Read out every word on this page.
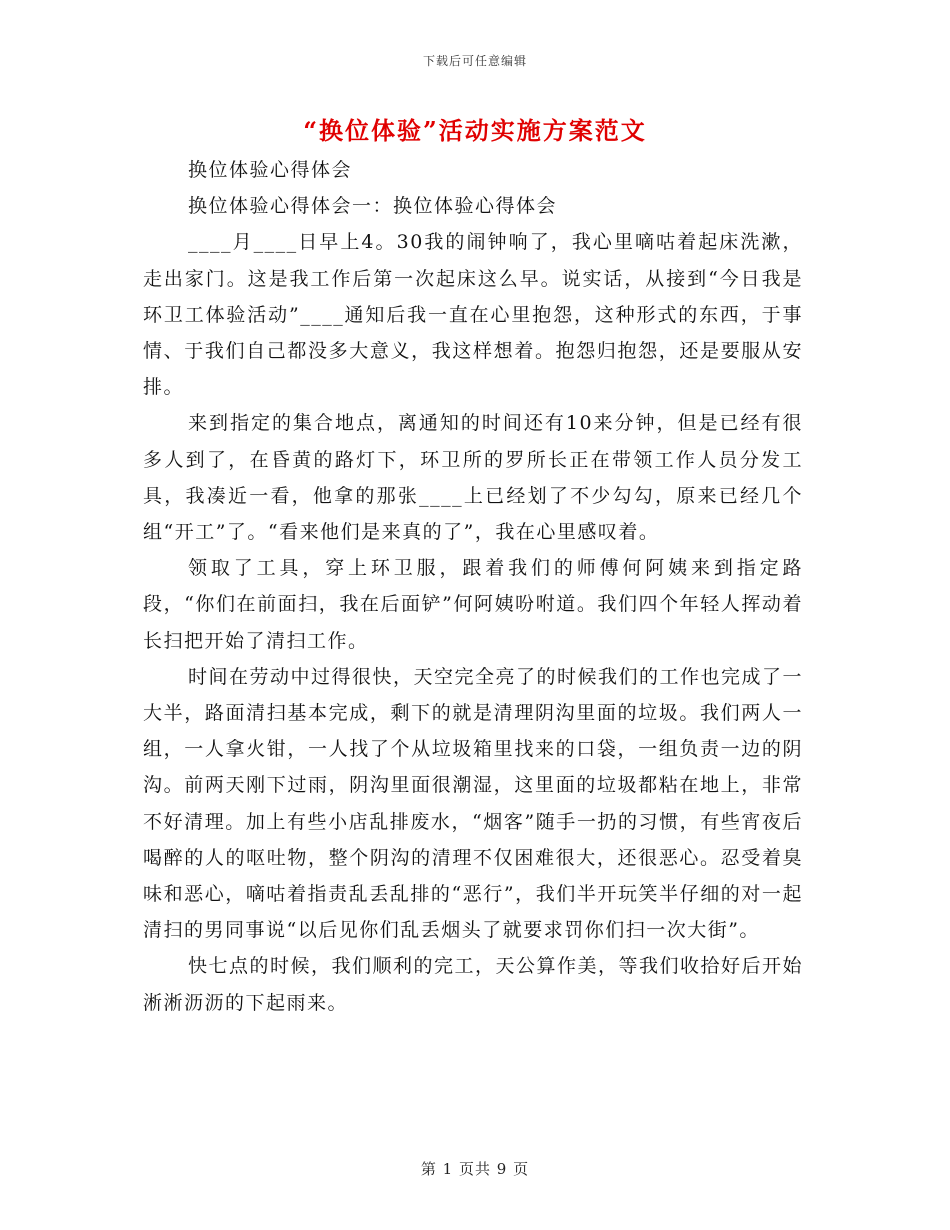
下载后可任意编辑
“换位体验”活动实施方案范文

换位体验心得体会

换位体验心得体会一：换位体验心得体会

____月____日早上4。30我的闹钟响了，我心里嘀咕着起床洗漱，走出家门。这是我工作后第一次起床这么早。说实话，从接到“今日我是环卫工体验活动”____通知后我一直在心里抱怨，这种形式的东西，于事情、于我们自己都没多大意义，我这样想着。抱怨归抱怨，还是要服从安排。

来到指定的集合地点，离通知的时间还有10来分钟，但是已经有很多人到了，在昏黄的路灯下，环卫所的罗所长正在带领工作人员分发工具，我凑近一看，他拿的那张____上已经划了不少勾勾，原来已经几个组“开工”了。“看来他们是来真的了”，我在心里感叹着。

领取了工具，穿上环卫服，跟着我们的师傅何阿姨来到指定路段，“你们在前面扫，我在后面铲”何阿姨吩咐道。我们四个年轻人挥动着长扫把开始了清扫工作。

时间在劳动中过得很快，天空完全亮了的时候我们的工作也完成了一大半，路面清扫基本完成，剩下的就是清理阴沟里面的垃圾。我们两人一组，一人拿火钳，一人找了个从垃圾箱里找来的口袋，一组负责一边的阴沟。前两天刚下过雨，阴沟里面很潮湿，这里面的垃圾都粘在地上，非常不好清理。加上有些小店乱排废水，“烟客”随手一扔的习惯，有些宵夜后喝醉的人的呕吐物，整个阴沟的清理不仅困难很大，还很恶心。忍受着臭味和恶心，嘀咕着指责乱丢乱排的“恶行”，我们半开玩笑半仔细的对一起清扫的男同事说“以后见你们乱丢烟头了就要求罚你们扫一次大街”。

快七点的时候，我们顺利的完工，天公算作美，等我们收拾好后开始淅淅沥沥的下起雨来。

第 1 页共 9 页
